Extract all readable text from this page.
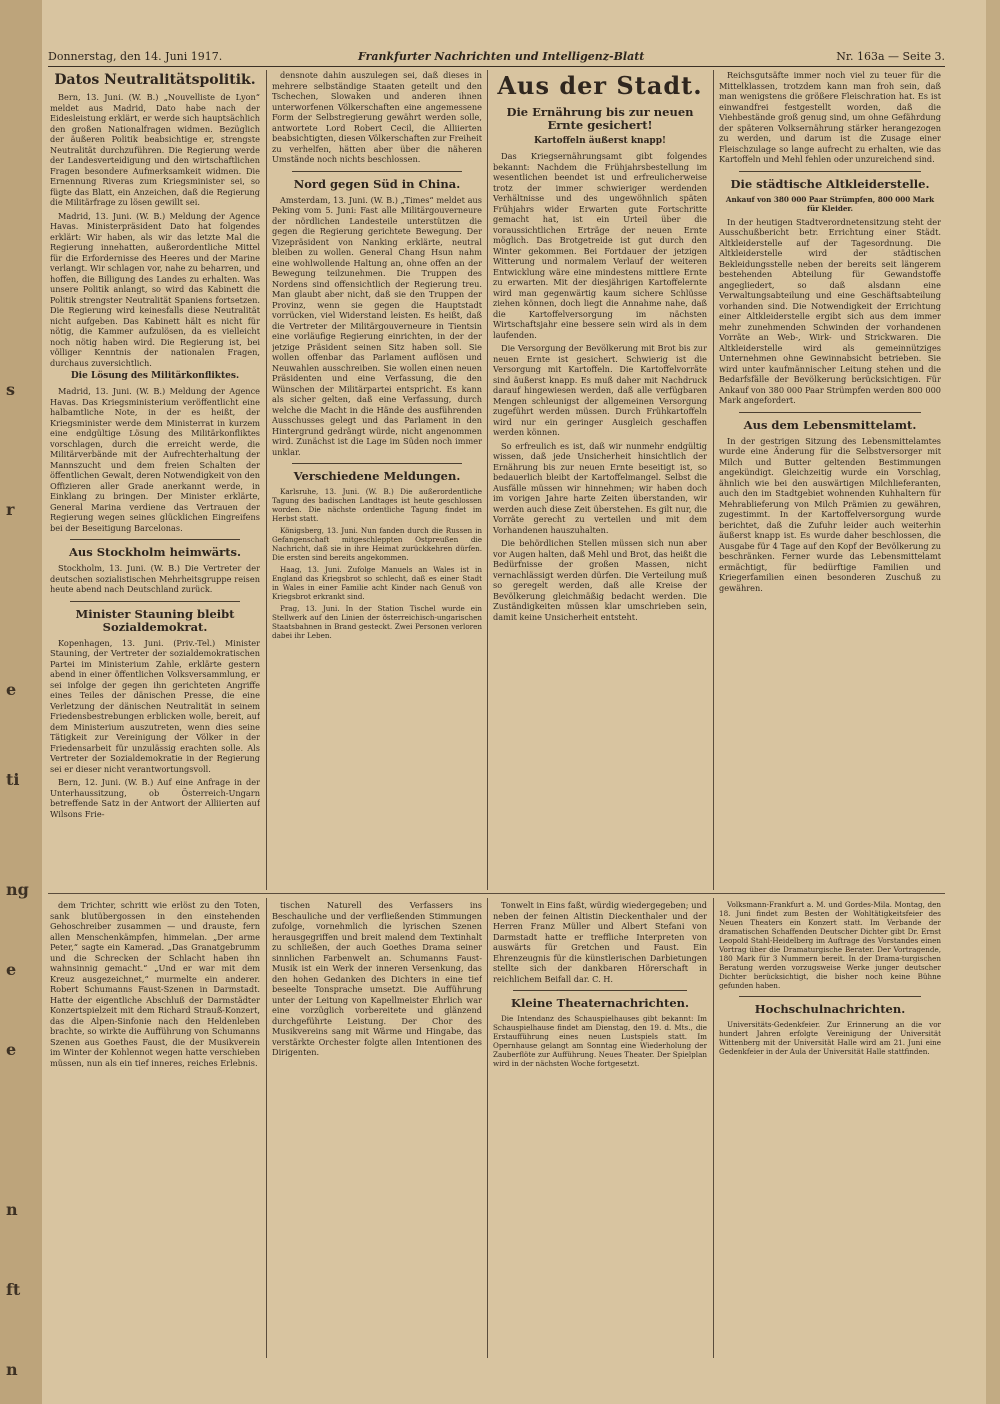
s
r
e
ti
ng
e
e
n
ft
n
Donnerstag, den 14. Juni 1917.	Frankfurter Nachrichten und Intelligenz-Blatt	Nr. 163a — Seite 3.
Datos Neutralitätspolitik.

Bern, 13. Juni. (W. B.) „Nouvelliste de Lyon“ meldet aus Madrid, Dato habe nach der Eidesleistung erklärt, er werde sich hauptsächlich den großen Nationalfragen widmen. Bezüglich der äußeren Politik beabsichtige er, strengste Neutralität durchzuführen. Die Regierung werde der Landesverteidigung und den wirtschaftlichen Fragen besondere Aufmerksamkeit widmen. Die Ernennung Riveras zum Kriegsminister sei, so fügte das Blatt, ein Anzeichen, daß die Regierung die Militärfrage zu lösen gewillt sei.

Madrid, 13. Juni. (W. B.) Meldung der Agence Havas. Ministerpräsident Dato hat folgendes erklärt: Wir haben, als wir das letzte Mal die Regierung innehatten, außerordentliche Mittel für die Erfordernisse des Heeres und der Marine verlangt. Wir schlagen vor, nahe zu beharren, und hoffen, die Billigung des Landes zu erhalten. Was unsere Politik anlangt, so wird das Kabinett die Politik strengster Neutralität Spaniens fortsetzen. Die Regierung wird keinesfalls diese Neutralität nicht aufgeben. Das Kabinett hält es nicht für nötig, die Kammer aufzulösen, da es vielleicht noch nötig haben wird. Die Regierung ist, bei völliger Kenntnis der nationalen Fragen, durchaus zuversichtlich.

Die Lösung des Militärkonfliktes.

Madrid, 13. Juni. (W. B.) Meldung der Agence Havas. Das Kriegsministerium veröffentlicht eine halbamtliche Note, in der es heißt, der Kriegsminister werde dem Ministerrat in kurzem eine endgültige Lösung des Militärkonfliktes vorschlagen, durch die erreicht werde, die Militärverbände mit der Aufrechterhaltung der Mannszucht und dem freien Schalten der öffentlichen Gewalt, deren Notwendigkeit von den Offizieren aller Grade anerkannt werde, in Einklang zu bringen. Der Minister erklärte, General Marina verdiene das Vertrauen der Regierung wegen seines glücklichen Eingreifens bei der Beseitigung Barcelonas.

Aus Stockholm heimwärts.

Stockholm, 13. Juni. (W. B.) Die Vertreter der deutschen sozialistischen Mehrheitsgruppe reisen heute abend nach Deutschland zurück.

Minister Stauning bleibt Sozialdemokrat.

Kopenhagen, 13. Juni. (Priv.-Tel.) Minister Stauning, der Vertreter der sozialdemokratischen Partei im Ministerium Zahle, erklärte gestern abend in einer öffentlichen Volksversammlung, er sei infolge der gegen ihn gerichteten Angriffe eines Teiles der dänischen Presse, die eine Verletzung der dänischen Neutralität in seinem Friedensbestrebungen erblicken wolle, bereit, auf dem Ministerium auszutreten, wenn dies seine Tätigkeit zur Vereinigung der Völker in der Friedensarbeit für unzulässig erachten solle. Als Vertreter der Sozialdemokratie in der Regierung sei er dieser nicht verantwortungsvoll.

Bern, 12. Juni. (W. B.) Auf eine Anfrage in der Unterhaussitzung, ob Österreich-Ungarn betreffende Satz in der Antwort der Alliierten auf Wilsons Frie-

densnote dahin auszulegen sei, daß dieses in mehrere selbständige Staaten geteilt und den Tschechen, Slowaken und anderen ihnen unterworfenen Völkerschaften eine angemessene Form der Selbstregierung gewährt werden solle, antwortete Lord Robert Cecil, die Alliierten beabsichtigten, diesen Völkerschaften zur Freiheit zu verhelfen, hätten aber über die näheren Umstände noch nichts beschlossen.

Nord gegen Süd in China.

Amsterdam, 13. Juni. (W. B.) „Times“ meldet aus Peking vom 5. Juni: Fast alle Militärgouverneure der nördlichen Landesteile unterstützen die gegen die Regierung gerichtete Bewegung. Der Vizepräsident von Nanking erklärte, neutral bleiben zu wollen. General Chang Hsun nahm eine wohlwollende Haltung an, ohne offen an der Bewegung teilzunehmen. Die Truppen des Nordens sind offensichtlich der Regierung treu. Man glaubt aber nicht, daß sie den Truppen der Provinz, wenn sie gegen die Hauptstadt vorrücken, viel Widerstand leisten. Es heißt, daß die Vertreter der Militärgouverneure in Tientsin eine vorläufige Regierung einrichten, in der der jetzige Präsident seinen Sitz haben soll. Sie wollen offenbar das Parlament auflösen und Neuwahlen ausschreiben. Sie wollen einen neuen Präsidenten und eine Verfassung, die den Wünschen der Militärpartei entspricht. Es kann als sicher gelten, daß eine Verfassung, durch welche die Macht in die Hände des ausführenden Ausschusses gelegt und das Parlament in den Hintergrund gedrängt würde, nicht angenommen wird. Zunächst ist die Lage im Süden noch immer unklar.

Verschiedene Meldungen.

Karlsruhe, 13. Juni. (W. B.) Die außerordentliche Tagung des badischen Landtages ist heute geschlossen worden. Die nächste ordentliche Tagung findet im Herbst statt.

Königsberg, 13. Juni. Nun fanden durch die Russen in Gefangenschaft mitgeschleppten Ostpreußen die Nachricht, daß sie in ihre Heimat zurückkehren dürfen. Die ersten sind bereits angekommen.

Haag, 13. Juni. Zufolge Manuels an Wales ist in England das Kriegsbrot so schlecht, daß es einer Stadt in Wales in einer Familie acht Kinder nach Genuß von Kriegsbrot erkrankt sind.

Prag, 13. Juni. In der Station Tischel wurde ein Stellwerk auf den Linien der österreichisch-ungarischen Staatsbahnen in Brand gesteckt. Zwei Personen verloren dabei ihr Leben.

Aus der Stadt.
Die Ernährung bis zur neuen Ernte gesichert!
Kartoffeln äußerst knapp!

Das Kriegsernährungsamt gibt folgendes bekannt: Nachdem die Frühjahrsbestellung im wesentlichen beendet ist und erfreulicherweise trotz der immer schwieriger werdenden Verhältnisse und des ungewöhnlich späten Frühjahrs wider Erwarten gute Fortschritte gemacht hat, ist ein Urteil über die voraussichtlichen Erträge der neuen Ernte möglich. Das Brotgetreide ist gut durch den Winter gekommen. Bei Fortdauer der jetzigen Witterung und normalem Verlauf der weiteren Entwicklung wäre eine mindestens mittlere Ernte zu erwarten. Mit der diesjährigen Kartoffelernte wird man gegenwärtig kaum sichere Schlüsse ziehen können, doch liegt die Annahme nahe, daß die Kartoffelversorgung im nächsten Wirtschaftsjahr eine bessere sein wird als in dem laufenden.

Die Versorgung der Bevölkerung mit Brot bis zur neuen Ernte ist gesichert. Schwierig ist die Versorgung mit Kartoffeln. Die Kartoffelvorräte sind äußerst knapp. Es muß daher mit Nachdruck darauf hingewiesen werden, daß alle verfügbaren Mengen schleunigst der allgemeinen Versorgung zugeführt werden müssen. Durch Frühkartoffeln wird nur ein geringer Ausgleich geschaffen werden können.

So erfreulich es ist, daß wir nunmehr endgültig wissen, daß jede Unsicherheit hinsichtlich der Ernährung bis zur neuen Ernte beseitigt ist, so bedauerlich bleibt der Kartoffelmangel. Selbst die Ausfälle müssen wir hinnehmen; wir haben doch im vorigen Jahre harte Zeiten überstanden, wir werden auch diese Zeit überstehen. Es gilt nur, die Vorräte gerecht zu verteilen und mit dem Vorhandenen hauszuhalten.

Die behördlichen Stellen müssen sich nun aber vor Augen halten, daß Mehl und Brot, das heißt die Bedürfnisse der großen Massen, nicht vernachlässigt werden dürfen. Die Verteilung muß so geregelt werden, daß alle Kreise der Bevölkerung gleichmäßig bedacht werden. Die Zuständigkeiten müssen klar umschrieben sein, damit keine Unsicherheit entsteht.

Reichsgutsäfte immer noch viel zu teuer für die Mittelklassen, trotzdem kann man froh sein, daß man wenigstens die größere Fleischration hat. Es ist einwandfrei festgestellt worden, daß die Viehbestände groß genug sind, um ohne Gefährdung der späteren Volksernährung stärker herangezogen zu werden, und darum ist die Zusage einer Fleischzulage so lange aufrecht zu erhalten, wie das Kartoffeln und Mehl fehlen oder unzureichend sind.

Die städtische Altkleiderstelle.
Ankauf von 380 000 Paar Strümpfen, 800 000 Mark für Kleider.

In der heutigen Stadtverordnetensitzung steht der Ausschußbericht betr. Errichtung einer Städt. Altkleiderstelle auf der Tagesordnung. Die Altkleiderstelle wird der städtischen Bekleidungsstelle neben der bereits seit längerem bestehenden Abteilung für Gewandstoffe angegliedert, so daß alsdann eine Verwaltungsabteilung und eine Geschäftsabteilung vorhanden sind. Die Notwendigkeit der Errichtung einer Altkleiderstelle ergibt sich aus dem immer mehr zunehmenden Schwinden der vorhandenen Vorräte an Web-, Wirk- und Strickwaren. Die Altkleiderstelle wird als gemeinnütziges Unternehmen ohne Gewinnabsicht betrieben. Sie wird unter kaufmännischer Leitung stehen und die Bedarfsfälle der Bevölkerung berücksichtigen. Für Ankauf von 380 000 Paar Strümpfen werden 800 000 Mark angefordert.

Aus dem Lebensmittelamt.

In der gestrigen Sitzung des Lebensmittelamtes wurde eine Änderung für die Selbstversorger mit Milch und Butter geltenden Bestimmungen angekündigt. Gleichzeitig wurde ein Vorschlag, ähnlich wie bei den auswärtigen Milchlieferanten, auch den im Stadtgebiet wohnenden Kuhhaltern für Mehrablieferung von Milch Prämien zu gewähren, zugestimmt. In der Kartoffelversorgung wurde berichtet, daß die Zufuhr leider auch weiterhin äußerst knapp ist. Es wurde daher beschlossen, die Ausgabe für 4 Tage auf den Kopf der Bevölkerung zu beschränken. Ferner wurde das Lebensmittelamt ermächtigt, für bedürftige Familien und Kriegerfamilien einen besonderen Zuschuß zu gewähren.

dem Trichter, schritt wie erlöst zu den Toten, sank blutübergossen in den einstehenden Gehoschreiber zusammen — und drauste, fern allen Menschenkämpfen, himmelan. „Der arme Peter,“ sagte ein Kamerad. „Das Granatgebrumm und die Schrecken der Schlacht haben ihn wahnsinnig gemacht.“ „Und er war mit dem Kreuz ausgezeichnet,“ murmelte ein anderer. Robert Schumanns Faust-Szenen in Darmstadt. Hatte der eigentliche Abschluß der Darmstädter Konzertspielzeit mit dem Richard Strauß-Konzert, das die Alpen-Sinfonie nach den Heldenleben brachte, so wirkte die Aufführung von Schumanns Szenen aus Goethes Faust, die der Musikverein im Winter der Kohlennot wegen hatte verschieben müssen, nun als ein tief inneres, reiches Erlebnis.

tischen Naturell des Verfassers ins Beschauliche und der verfließenden Stimmungen zufolge, vornehmlich die lyrischen Szenen herausgegriffen und breit malend dem Textinhalt zu schließen, der auch Goethes Drama seiner sinnlichen Farbenwelt an. Schumanns Faust-Musik ist ein Werk der inneren Versenkung, das den hohen Gedanken des Dichters in eine tief beseelte Tonsprache umsetzt. Die Aufführung unter der Leitung von Kapellmeister Ehrlich war eine vorzüglich vorbereitete und glänzend durchgeführte Leistung. Der Chor des Musikvereins sang mit Wärme und Hingabe, das verstärkte Orchester folgte allen Intentionen des Dirigenten.

Tonwelt in Eins faßt, würdig wiedergegeben; und neben der feinen Altistin Dieckenthaler und der Herren Franz Müller und Albert Stefani von Darmstadt hatte er treffliche Interpreten von auswärts für Gretchen und Faust. Ein Ehrenzeugnis für die künstlerischen Darbietungen stellte sich der dankbaren Hörerschaft in reichlichem Beifall dar. C. H.

Kleine Theaternachrichten.

Die Intendanz des Schauspielhauses gibt bekannt: Im Schauspielhause findet am Dienstag, den 19. d. Mts., die Erstaufführung eines neuen Lustspiels statt. Im Opernhause gelangt am Sonntag eine Wiederholung der Zauberflöte zur Aufführung. Neues Theater. Der Spielplan wird in der nächsten Woche fortgesetzt.

Volksmann-Frankfurt a. M. und Gordes-Mila. Montag, den 18. Juni findet zum Besten der Wohltätigkeitsfeier des Neuen Theaters ein Konzert statt. Im Verbande der dramatischen Schaffenden Deutscher Dichter gibt Dr. Ernst Leopold Stahl-Heidelberg im Auftrage des Vorstandes einen Vortrag über die Dramaturgische Berater. Der Vortragende, 180 Mark für 3 Nummern bereit. In der Drama-turgischen Beratung werden vorzugsweise Werke junger deutscher Dichter berücksichtigt, die bisher noch keine Bühne gefunden haben.

Hochschulnachrichten.

Universitäts-Gedenkfeier. Zur Erinnerung an die vor hundert Jahren erfolgte Vereinigung der Universität Wittenberg mit der Universität Halle wird am 21. Juni eine Gedenkfeier in der Aula der Universität Halle stattfinden.
